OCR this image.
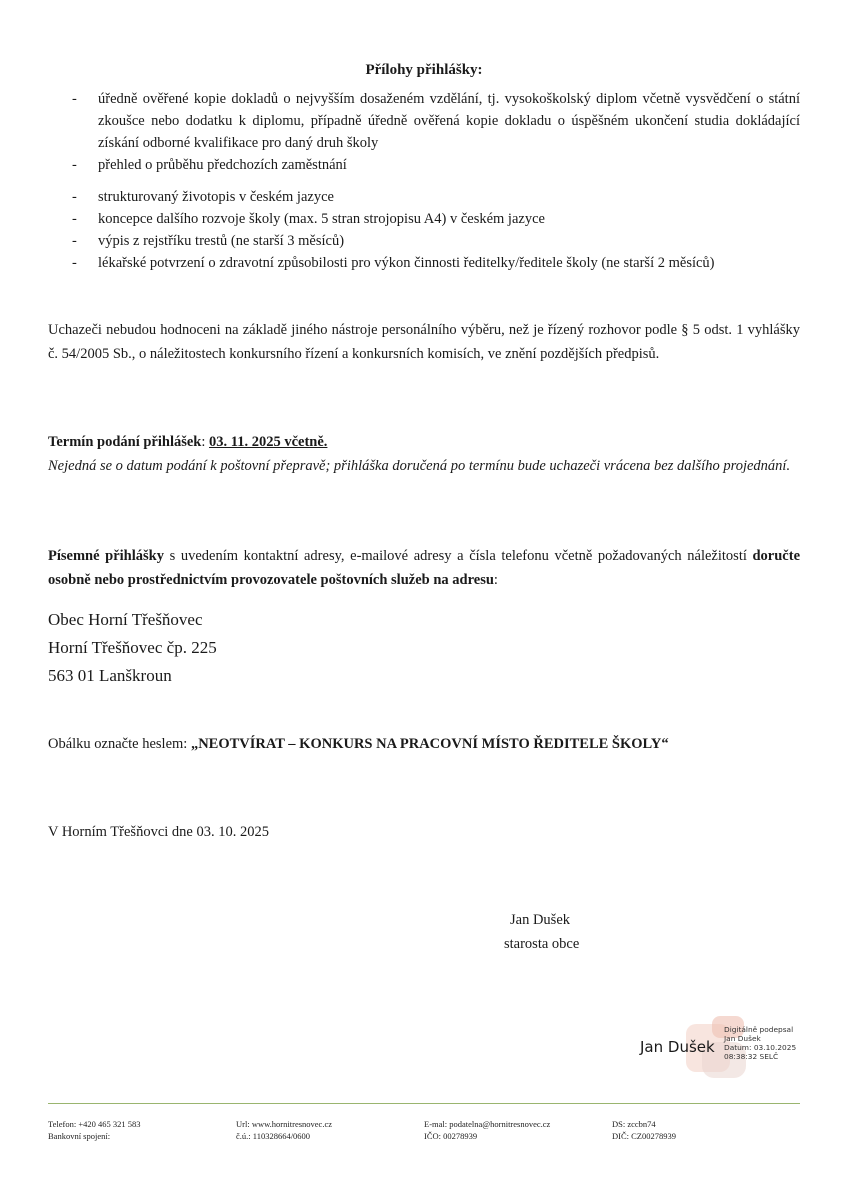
Přílohy přihlášky:
- úředně ověřené kopie dokladů o nejvyšším dosaženém vzdělání, tj. vysokoškolský diplom včetně vysvědčení o státní zkoušce nebo dodatku k diplomu, případně úředně ověřená kopie dokladu o úspěšném ukončení studia dokládající získání odborné kvalifikace pro daný druh školy
- přehled o průběhu předchozích zaměstnání
- strukturovaný životopis v českém jazyce
- koncepce dalšího rozvoje školy (max. 5 stran strojopisu A4) v českém jazyce
- výpis z rejstříku trestů (ne starší 3 měsíců)
- lékařské potvrzení o zdravotní způsobilosti pro výkon činnosti ředitelky/ředitele školy (ne starší 2 měsíců)
Uchazeči nebudou hodnoceni na základě jiného nástroje personálního výběru, než je řízený rozhovor podle § 5 odst. 1 vyhlášky č. 54/2005 Sb., o náležitostech konkursního řízení a konkursních komisích, ve znění pozdějších předpisů.
Termín podání přihlášek: 03. 11. 2025 včetně.
Nejedná se o datum podání k poštovní přepravě; přihláška doručená po termínu bude uchazeči vrácena bez dalšího projednání.
Písemné přihlášky s uvedením kontaktní adresy, e-mailové adresy a čísla telefonu včetně požadovaných náležitostí doručte osobně nebo prostřednictvím provozovatele poštovních služeb na adresu:
Obec Horní Třešňovec
Horní Třešňovec čp. 225
563 01 Lanškroun
Obálku označte heslem: „NEOTVÍRAT – KONKURS NA PRACOVNÍ MÍSTO ŘEDITELE ŠKOLY“
V Horním Třešňovci dne 03. 10. 2025
Jan Dušek
starosta obce
Jan Dušek
Digitálně podepsal
Jan Dušek
Datum: 03.10.2025
08:38:32 SELČ
Telefon: +420 465 321 583
Bankovní spojení:
Url: www.hornitresnovec.cz
č.ú.: 110328664/0600
E-mal: podatelna@hornitresnovec.cz
IČO: 00278939
DS: zccbn74
DIČ: CZ00278939
